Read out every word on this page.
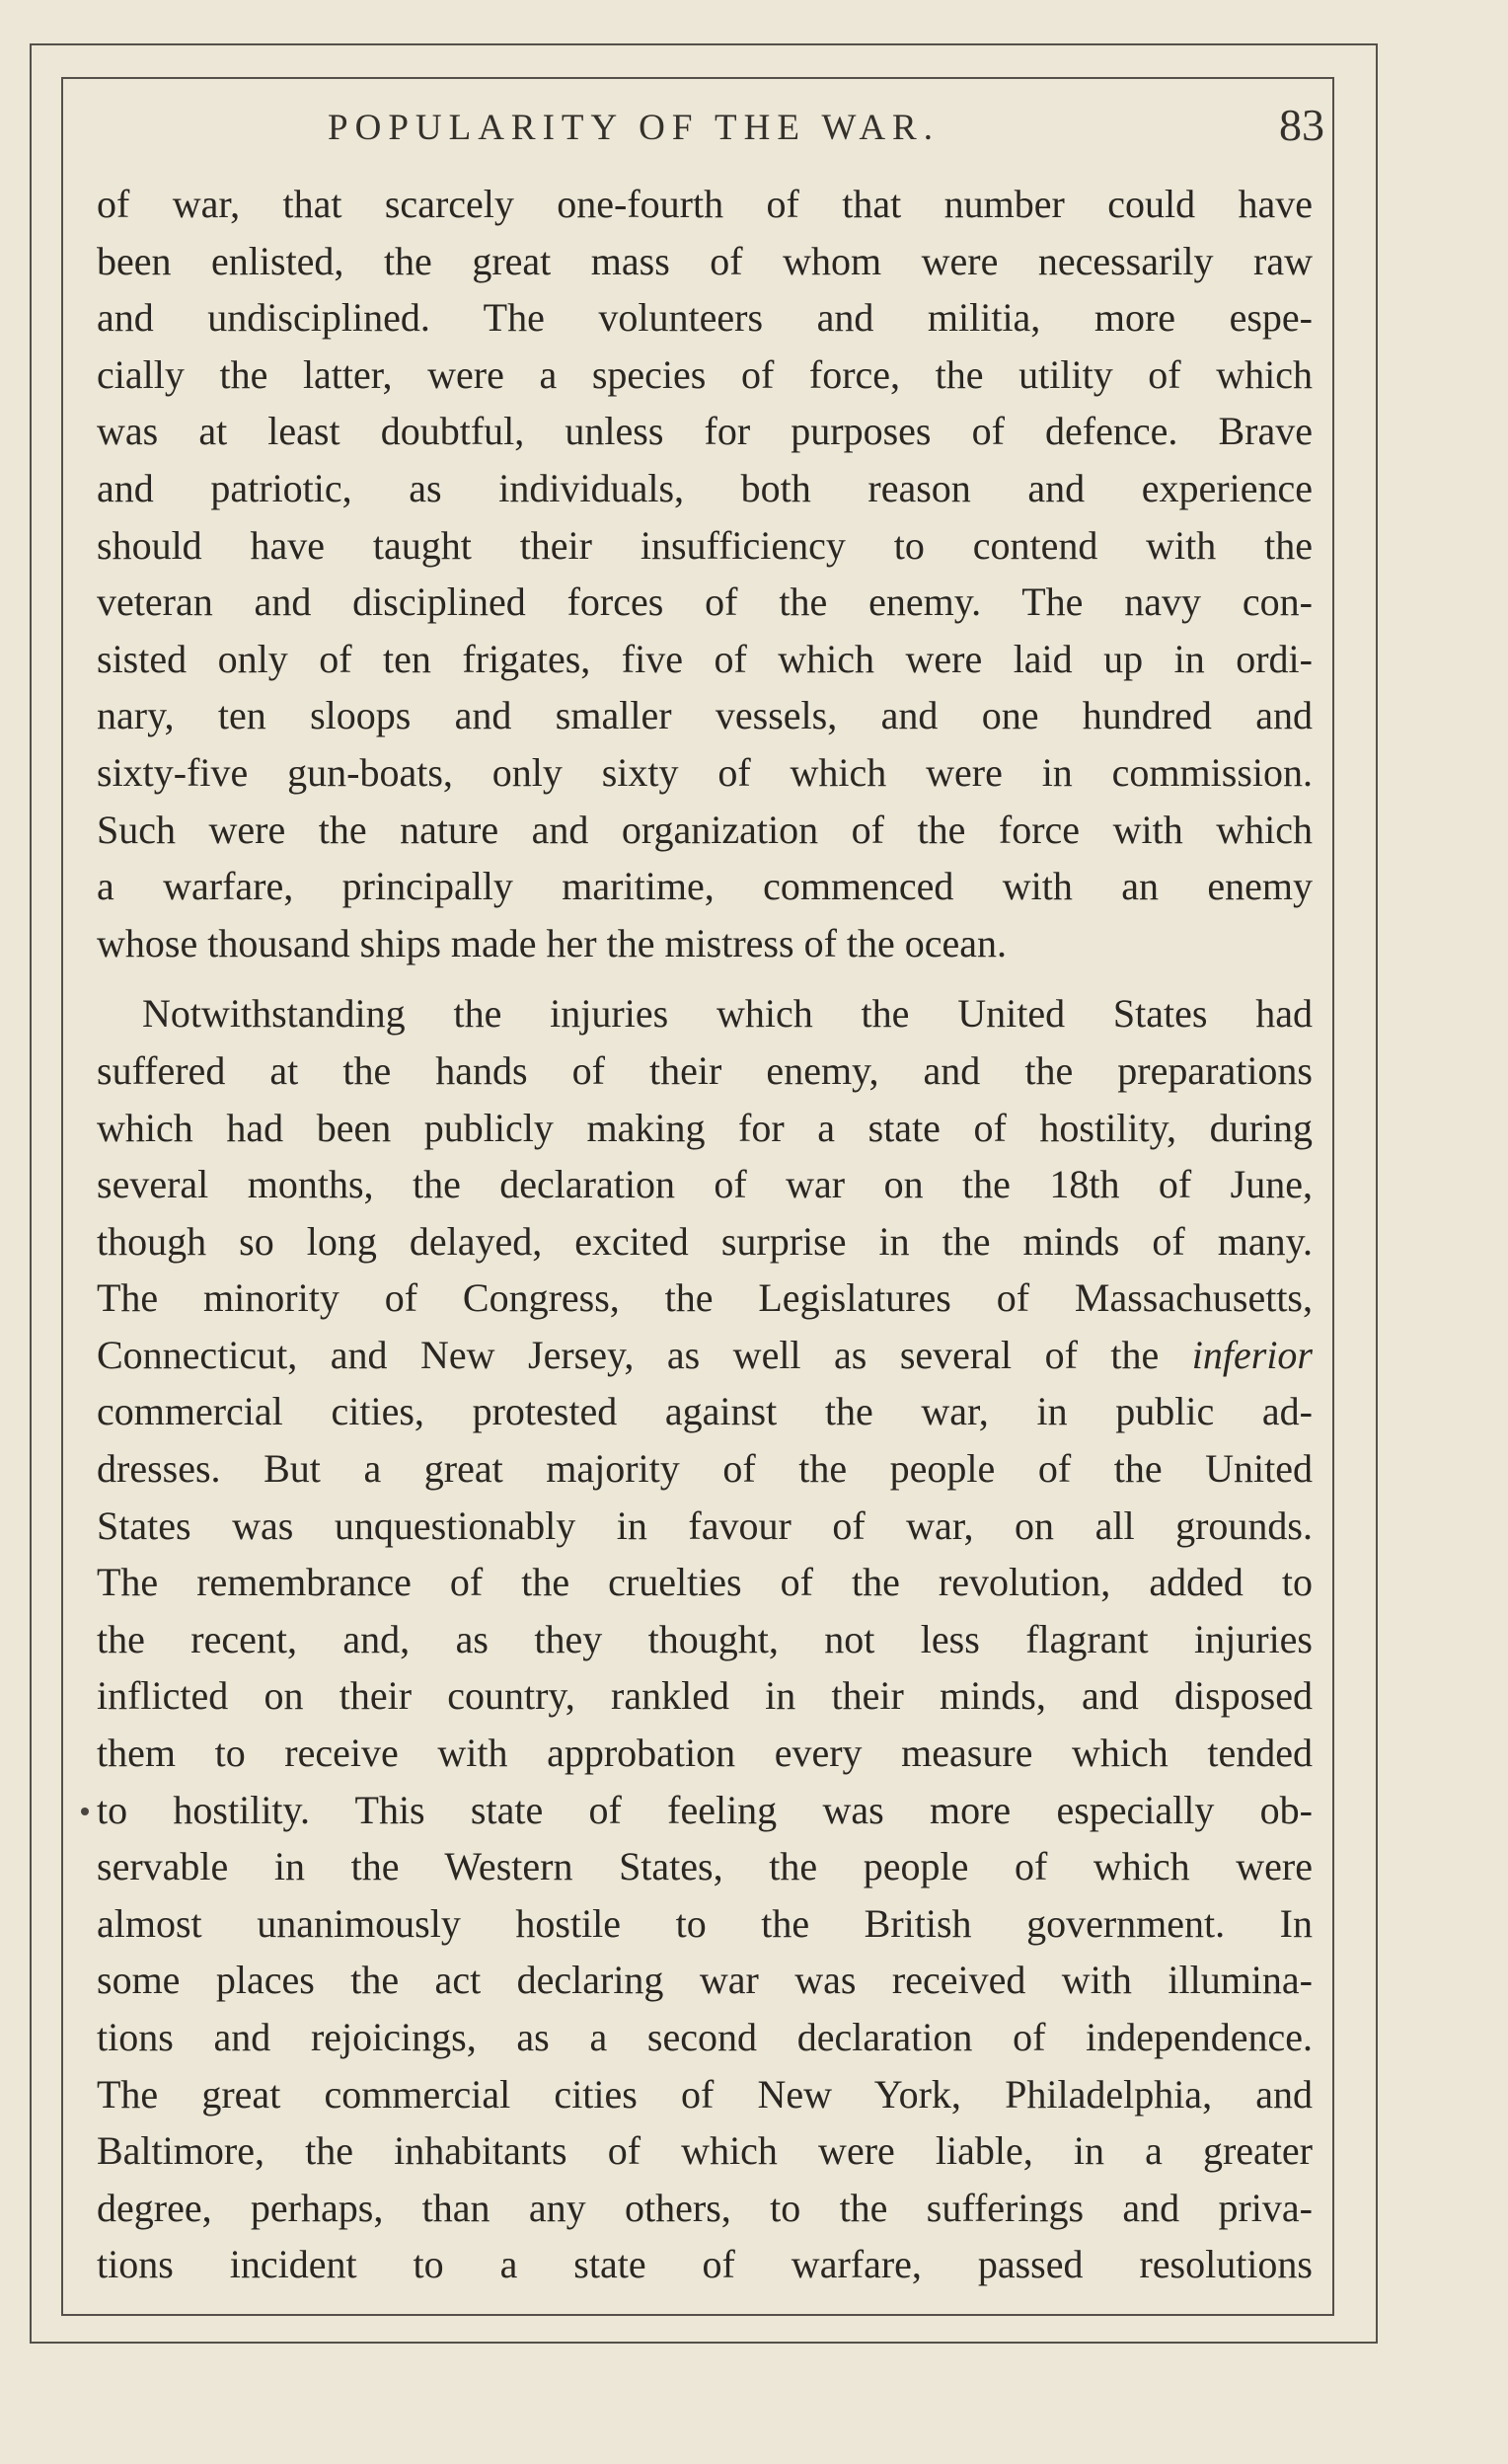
POPULARITY OF THE WAR.	83
of war, that scarcely one-fourth of that number could have
been enlisted, the great mass of whom were necessarily raw
and undisciplined. The volunteers and militia, more espe-
cially the latter, were a species of force, the utility of which
was at least doubtful, unless for purposes of defence. Brave
and patriotic, as individuals, both reason and experience
should have taught their insufficiency to contend with the
veteran and disciplined forces of the enemy. The navy con-
sisted only of ten frigates, five of which were laid up in ordi-
nary, ten sloops and smaller vessels, and one hundred and
sixty-five gun-boats, only sixty of which were in commission.
Such were the nature and organization of the force with which
a warfare, principally maritime, commenced with an enemy
whose thousand ships made her the mistress of the ocean.
Notwithstanding the injuries which the United States had
suffered at the hands of their enemy, and the preparations
which had been publicly making for a state of hostility, during
several months, the declaration of war on the 18th of June,
though so long delayed, excited surprise in the minds of many.
The minority of Congress, the Legislatures of Massachusetts,
Connecticut, and New Jersey, as well as several of the inferior
commercial cities, protested against the war, in public ad-
dresses. But a great majority of the people of the United
States was unquestionably in favour of war, on all grounds.
The remembrance of the cruelties of the revolution, added to
the recent, and, as they thought, not less flagrant injuries
inflicted on their country, rankled in their minds, and disposed
them to receive with approbation every measure which tended
to hostility. This state of feeling was more especially ob-
servable in the Western States, the people of which were
almost unanimously hostile to the British government. In
some places the act declaring war was received with illumina-
tions and rejoicings, as a second declaration of independence.
The great commercial cities of New York, Philadelphia, and
Baltimore, the inhabitants of which were liable, in a greater
degree, perhaps, than any others, to the sufferings and priva-
tions incident to a state of warfare, passed resolutions
